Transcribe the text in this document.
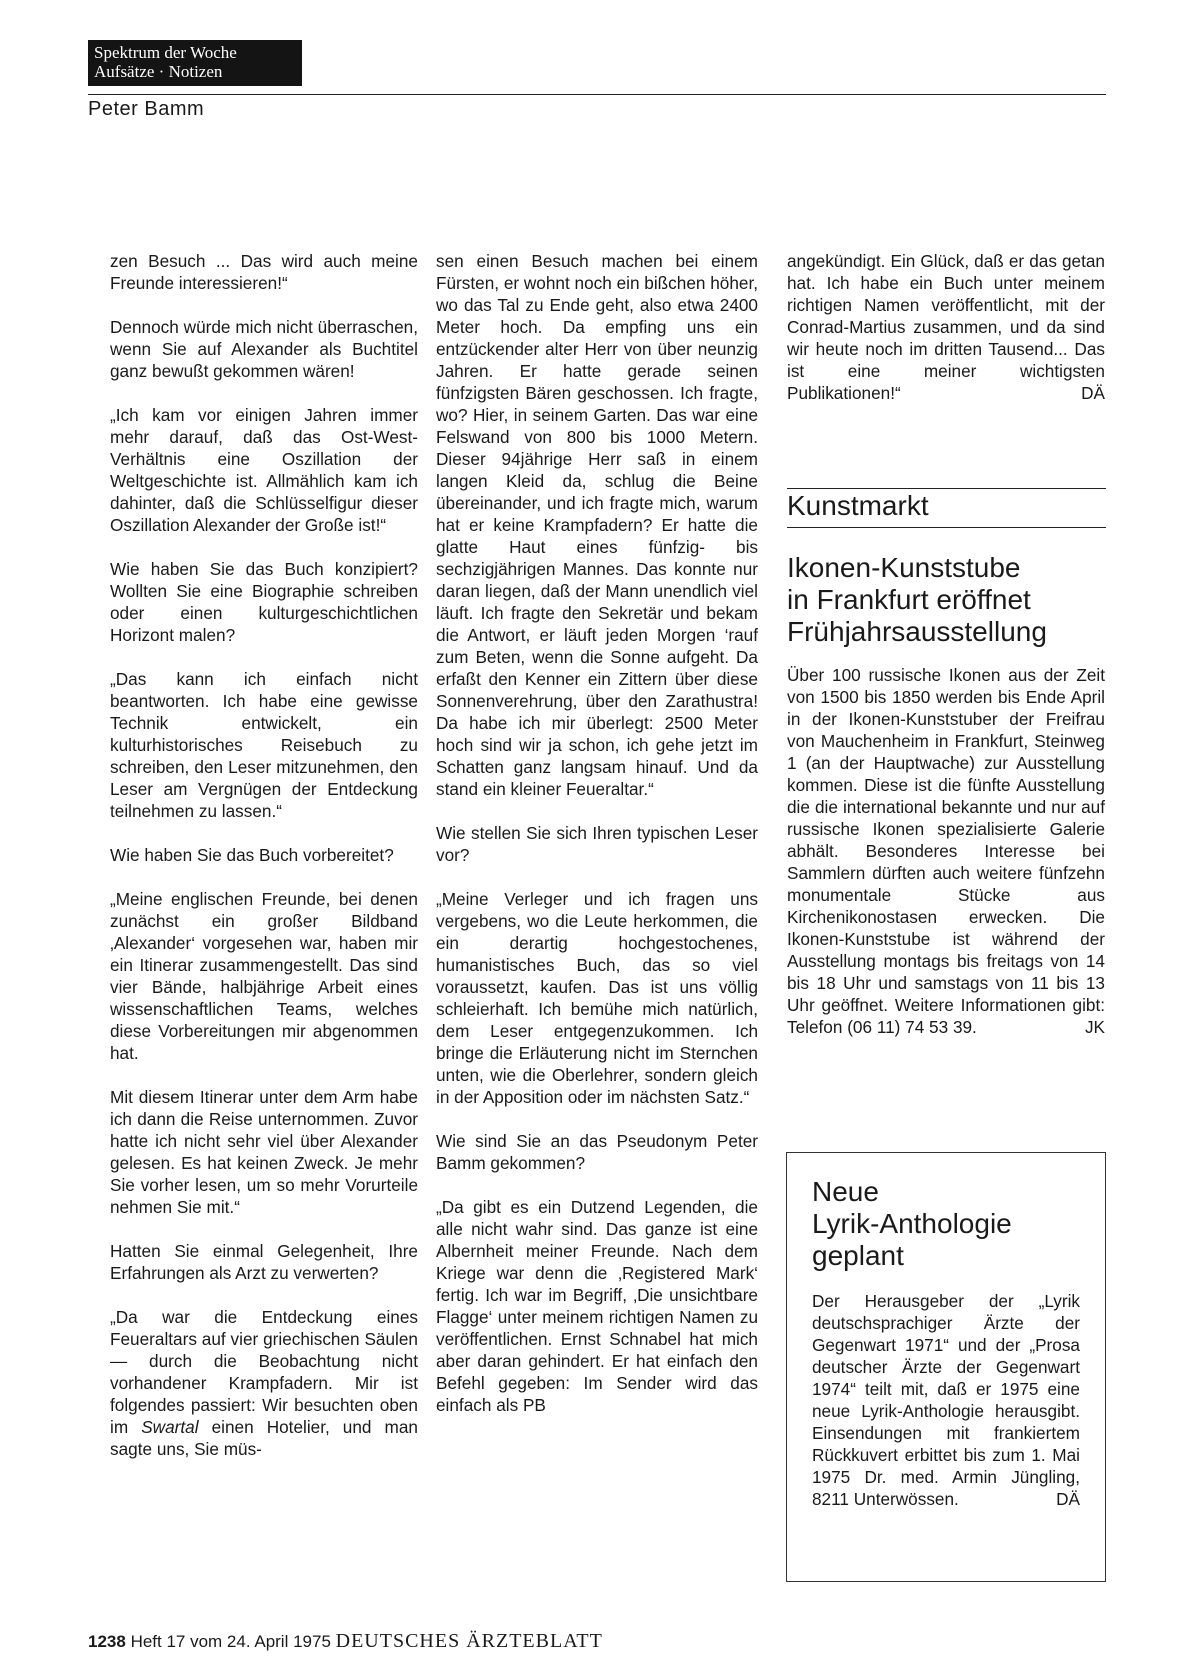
Spektrum der Woche
Aufsätze · Notizen
Peter Bamm

zen Besuch ... Das wird auch meine Freunde interessieren!“

Dennoch würde mich nicht überraschen, wenn Sie auf Alexander als Buchtitel ganz bewußt gekommen wären!

„Ich kam vor einigen Jahren immer mehr darauf, daß das Ost-West-Verhältnis eine Oszillation der Weltgeschichte ist. Allmählich kam ich dahinter, daß die Schlüsselfigur dieser Oszillation Alexander der Große ist!“

Wie haben Sie das Buch konzipiert? Wollten Sie eine Biographie schreiben oder einen kulturgeschichtlichen Horizont malen?

„Das kann ich einfach nicht beantworten. Ich habe eine gewisse Technik entwickelt, ein kulturhistorisches Reisebuch zu schreiben, den Leser mitzunehmen, den Leser am Vergnügen der Entdeckung teilnehmen zu lassen.“

Wie haben Sie das Buch vorbereitet?

„Meine englischen Freunde, bei denen zunächst ein großer Bildband ‚Alexander‘ vorgesehen war, haben mir ein Itinerar zusammengestellt. Das sind vier Bände, halbjährige Arbeit eines wissenschaftlichen Teams, welches diese Vorbereitungen mir abgenommen hat.

Mit diesem Itinerar unter dem Arm habe ich dann die Reise unternommen. Zuvor hatte ich nicht sehr viel über Alexander gelesen. Es hat keinen Zweck. Je mehr Sie vorher lesen, um so mehr Vorurteile nehmen Sie mit.“

Hatten Sie einmal Gelegenheit, Ihre Erfahrungen als Arzt zu verwerten?

„Da war die Entdeckung eines Feueraltars auf vier griechischen Säulen — durch die Beobachtung nicht vorhandener Krampfadern. Mir ist folgendes passiert: Wir besuchten oben im Swartal einen Hotelier, und man sagte uns, Sie müs-

sen einen Besuch machen bei einem Fürsten, er wohnt noch ein bißchen höher, wo das Tal zu Ende geht, also etwa 2400 Meter hoch. Da empfing uns ein entzückender alter Herr von über neunzig Jahren. Er hatte gerade seinen fünfzigsten Bären geschossen. Ich fragte, wo? Hier, in seinem Garten. Das war eine Felswand von 800 bis 1000 Metern. Dieser 94jährige Herr saß in einem langen Kleid da, schlug die Beine übereinander, und ich fragte mich, warum hat er keine Krampfadern? Er hatte die glatte Haut eines fünfzig- bis sechzigjährigen Mannes. Das konnte nur daran liegen, daß der Mann unendlich viel läuft. Ich fragte den Sekretär und bekam die Antwort, er läuft jeden Morgen ‘rauf zum Beten, wenn die Sonne aufgeht. Da erfaßt den Kenner ein Zittern über diese Sonnenverehrung, über den Zarathustra! Da habe ich mir überlegt: 2500 Meter hoch sind wir ja schon, ich gehe jetzt im Schatten ganz langsam hinauf. Und da stand ein kleiner Feueraltar.“

Wie stellen Sie sich Ihren typischen Leser vor?

„Meine Verleger und ich fragen uns vergebens, wo die Leute herkommen, die ein derartig hochgestochenes, humanistisches Buch, das so viel voraussetzt, kaufen. Das ist uns völlig schleierhaft. Ich bemühe mich natürlich, dem Leser entgegenzukommen. Ich bringe die Erläuterung nicht im Sternchen unten, wie die Oberlehrer, sondern gleich in der Apposition oder im nächsten Satz.“

Wie sind Sie an das Pseudonym Peter Bamm gekommen?

„Da gibt es ein Dutzend Legenden, die alle nicht wahr sind. Das ganze ist eine Albernheit meiner Freunde. Nach dem Kriege war denn die ‚Registered Mark‘ fertig. Ich war im Begriff, ‚Die unsichtbare Flagge‘ unter meinem richtigen Namen zu veröffentlichen. Ernst Schnabel hat mich aber daran gehindert. Er hat einfach den Befehl gegeben: Im Sender wird das einfach als PB

angekündigt. Ein Glück, daß er das getan hat. Ich habe ein Buch unter meinem richtigen Namen veröffentlicht, mit der Conrad-Martius zusammen, und da sind wir heute noch im dritten Tausend... Das ist eine meiner wichtigsten Publikationen!“	DÄ

Kunstmarkt
Ikonen-Kunststube
in Frankfurt eröffnet
Frühjahrsausstellung
Über 100 russische Ikonen aus der Zeit von 1500 bis 1850 werden bis Ende April in der Ikonen-Kunststuber der Freifrau von Mauchenheim in Frankfurt, Steinweg 1 (an der Hauptwache) zur Ausstellung kommen. Diese ist die fünfte Ausstellung die die international bekannte und nur auf russische Ikonen spezialisierte Galerie abhält. Besonderes Interesse bei Sammlern dürften auch weitere fünfzehn monumentale Stücke aus Kirchenikonostasen erwecken. Die Ikonen-Kunststube ist während der Ausstellung montags bis freitags von 14 bis 18 Uhr und samstags von 11 bis 13 Uhr geöffnet. Weitere Informationen gibt: Telefon (06 11) 74 53 39.	JK
Neue
Lyrik-Anthologie
geplant
Der Herausgeber der „Lyrik deutschsprachiger Ärzte der Gegenwart 1971“ und der „Prosa deutscher Ärzte der Gegenwart 1974“ teilt mit, daß er 1975 eine neue Lyrik-Anthologie herausgibt. Einsendungen mit frankiertem Rückkuvert erbittet bis zum 1. Mai 1975 Dr. med. Armin Jüngling, 8211 Unterwössen.	DÄ
1238 Heft 17 vom 24. April 1975 DEUTSCHES ÄRZTEBLATT
